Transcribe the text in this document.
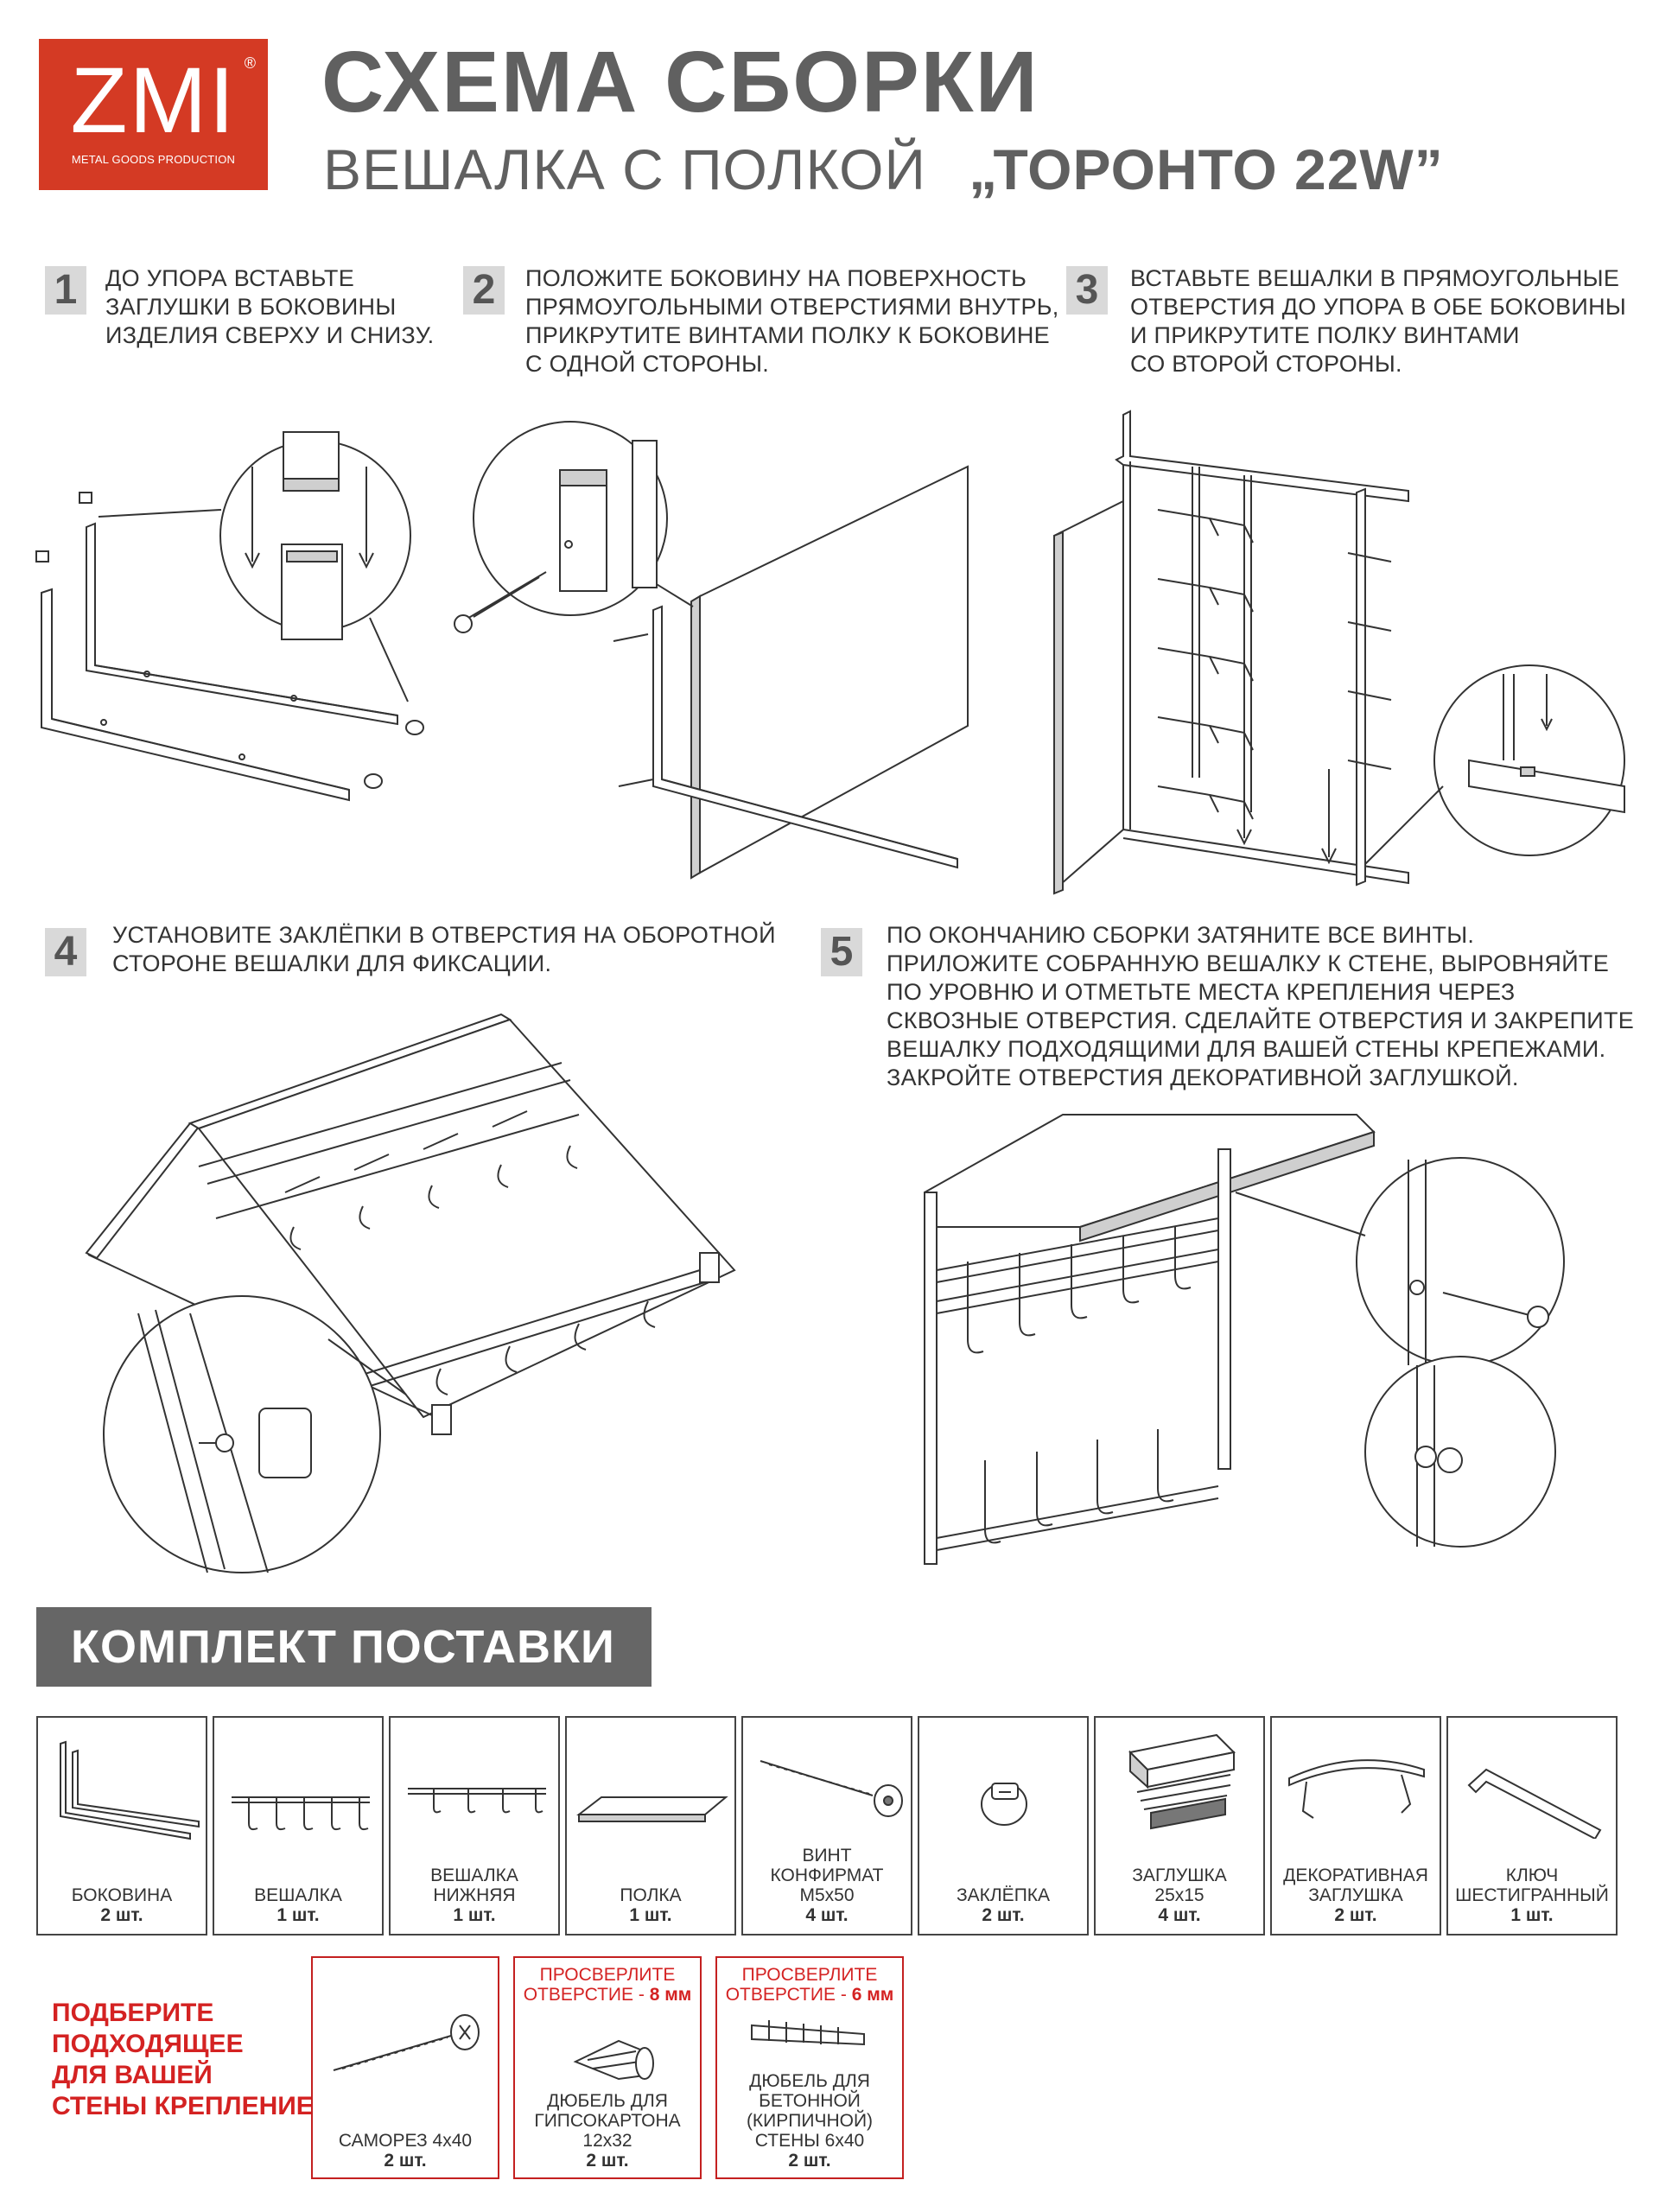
ZMI ®
METAL GOODS PRODUCTION
СХЕМА СБОРКИ
ВЕШАЛКА С ПОЛКОЙ „ТОРОНТО 22W”
1	ДО УПОРА ВСТАВЬТЕ
ЗАГЛУШКИ В БОКОВИНЫ
ИЗДЕЛИЯ СВЕРХУ И СНИЗУ.
2	ПОЛОЖИТЕ БОКОВИНУ НА ПОВЕРХНОСТЬ
ПРЯМОУГОЛЬНЫМИ ОТВЕРСТИЯМИ ВНУТРЬ,
ПРИКРУТИТЕ ВИНТАМИ ПОЛКУ К БОКОВИНЕ
С ОДНОЙ СТОРОНЫ.
3	ВСТАВЬТЕ ВЕШАЛКИ В ПРЯМОУГОЛЬНЫЕ
ОТВЕРСТИЯ ДО УПОРА В ОБЕ БОКОВИНЫ
И ПРИКРУТИТЕ ПОЛКУ ВИНТАМИ
СО ВТОРОЙ СТОРОНЫ.
4	УСТАНОВИТЕ ЗАКЛЁПКИ В ОТВЕРСТИЯ НА ОБОРОТНОЙ
СТОРОНЕ ВЕШАЛКИ ДЛЯ ФИКСАЦИИ.	5	ПО ОКОНЧАНИЮ СБОРКИ ЗАТЯНИТЕ ВСЕ ВИНТЫ.
ПРИЛОЖИТЕ СОБРАННУЮ ВЕШАЛКУ К СТЕНЕ, ВЫРОВНЯЙТЕ
ПО УРОВНЮ И ОТМЕТЬТЕ МЕСТА КРЕПЛЕНИЯ ЧЕРЕЗ
СКВОЗНЫЕ ОТВЕРСТИЯ. СДЕЛАЙТЕ ОТВЕРСТИЯ И ЗАКРЕПИТЕ
ВЕШАЛКУ ПОДХОДЯЩИМИ ДЛЯ ВАШЕЙ СТЕНЫ КРЕПЕЖАМИ.
ЗАКРОЙТЕ ОТВЕРСТИЯ ДЕКОРАТИВНОЙ ЗАГЛУШКОЙ.
КОМПЛЕКТ ПОСТАВКИ
БОКОВИНА
2 шт.
ВЕШАЛКА
1 шт.
ВЕШАЛКА
НИЖНЯЯ
1 шт.
ПОЛКА
1 шт.
ВИНТ
КОНФИРМАТ
М5х50
4 шт.
ЗАКЛЁПКА
2 шт.
ЗАГЛУШКА
25х15
4 шт.
ДЕКОРАТИВНАЯ
ЗАГЛУШКА
2 шт.
КЛЮЧ
ШЕСТИГРАННЫЙ
1 шт.
ПОДБЕРИТЕ
ПОДХОДЯЩЕЕ
ДЛЯ ВАШЕЙ
СТЕНЫ КРЕПЛЕНИЕ
САМОРЕЗ 4х40
2 шт.
ПРОСВЕРЛИТЕ
ОТВЕРСТИЕ - 8 мм
ДЮБЕЛЬ ДЛЯ
ГИПСОКАРТОНА
12х32
2 шт.
ПРОСВЕРЛИТЕ
ОТВЕРСТИЕ - 6 мм
ДЮБЕЛЬ ДЛЯ
БЕТОННОЙ
(КИРПИЧНОЙ)
СТЕНЫ 6х40
2 шт.
